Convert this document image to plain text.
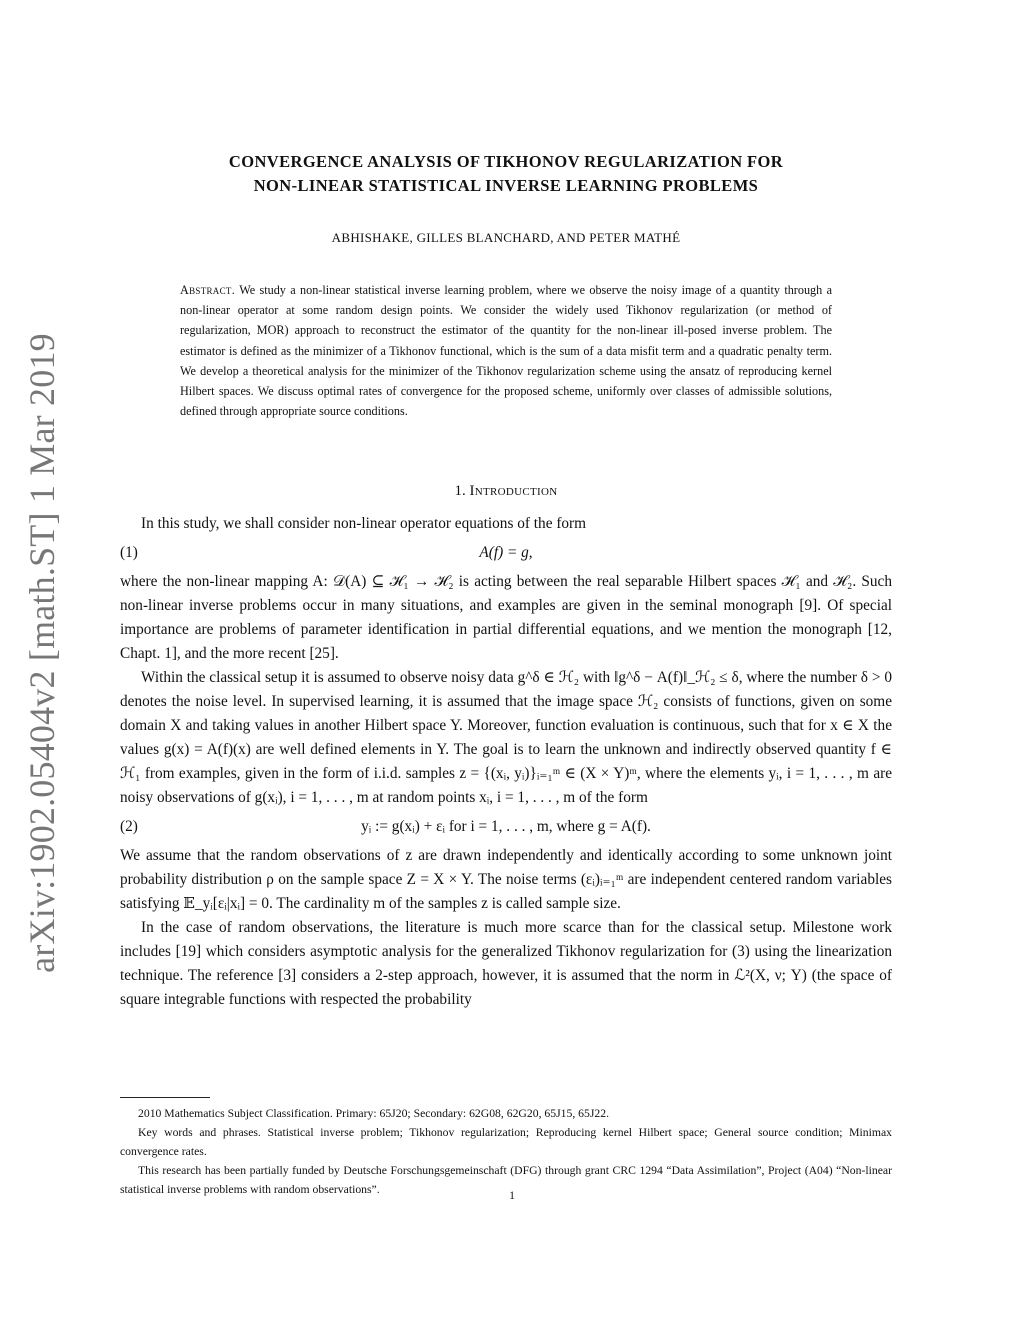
arXiv:1902.05404v2 [math.ST] 1 Mar 2019
CONVERGENCE ANALYSIS OF TIKHONOV REGULARIZATION FOR
NON-LINEAR STATISTICAL INVERSE LEARNING PROBLEMS
ABHISHAKE, GILLES BLANCHARD, AND PETER MATHÉ
Abstract. We study a non-linear statistical inverse learning problem, where we observe the noisy image of a quantity through a non-linear operator at some random design points. We consider the widely used Tikhonov regularization (or method of regularization, MOR) approach to reconstruct the estimator of the quantity for the non-linear ill-posed inverse problem. The estimator is defined as the minimizer of a Tikhonov functional, which is the sum of a data misfit term and a quadratic penalty term. We develop a theoretical analysis for the minimizer of the Tikhonov regularization scheme using the ansatz of reproducing kernel Hilbert spaces. We discuss optimal rates of convergence for the proposed scheme, uniformly over classes of admissible solutions, defined through appropriate source conditions.
1. Introduction

In this study, we shall consider non-linear operator equations of the form

(1)	A(f) = g,

where the non-linear mapping A: 𝒟(A) ⊆ ℋ₁ → ℋ₂ is acting between the real separable Hilbert spaces ℋ₁ and ℋ₂. Such non-linear inverse problems occur in many situations, and examples are given in the seminal monograph [9]. Of special importance are problems of parameter identification in partial differential equations, and we mention the monograph [12, Chapt. 1], and the more recent [25].

Within the classical setup it is assumed to observe noisy data g^δ ∈ ℋ₂ with ‖g^δ − A(f)‖_ℋ₂ ≤ δ, where the number δ > 0 denotes the noise level. In supervised learning, it is assumed that the image space ℋ₂ consists of functions, given on some domain X and taking values in another Hilbert space Y. Moreover, function evaluation is continuous, such that for x ∈ X the values g(x) = A(f)(x) are well defined elements in Y. The goal is to learn the unknown and indirectly observed quantity f ∈ ℋ₁ from examples, given in the form of i.i.d. samples z = {(xᵢ, yᵢ)}ᵢ₌₁ᵐ ∈ (X × Y)ᵐ, where the elements yᵢ, i = 1, . . . , m are noisy observations of g(xᵢ), i = 1, . . . , m at random points xᵢ, i = 1, . . . , m of the form

(2)	yᵢ := g(xᵢ) + εᵢ for i = 1, . . . , m, where g = A(f).

We assume that the random observations of z are drawn independently and identically according to some unknown joint probability distribution ρ on the sample space Z = X × Y. The noise terms (εᵢ)ᵢ₌₁ᵐ are independent centered random variables satisfying 𝔼_yᵢ[εᵢ|xᵢ] = 0. The cardinality m of the samples z is called sample size.

In the case of random observations, the literature is much more scarce than for the classical setup. Milestone work includes [19] which considers asymptotic analysis for the generalized Tikhonov regularization for (3) using the linearization technique. The reference [3] considers a 2-step approach, however, it is assumed that the norm in ℒ²(X, ν; Y) (the space of square integrable functions with respected the probability

2010 Mathematics Subject Classification. Primary: 65J20; Secondary: 62G08, 62G20, 65J15, 65J22.

Key words and phrases. Statistical inverse problem; Tikhonov regularization; Reproducing kernel Hilbert space; General source condition; Minimax convergence rates.

This research has been partially funded by Deutsche Forschungsgemeinschaft (DFG) through grant CRC 1294 “Data Assimilation”, Project (A04) “Non-linear statistical inverse problems with random observations”.	1
